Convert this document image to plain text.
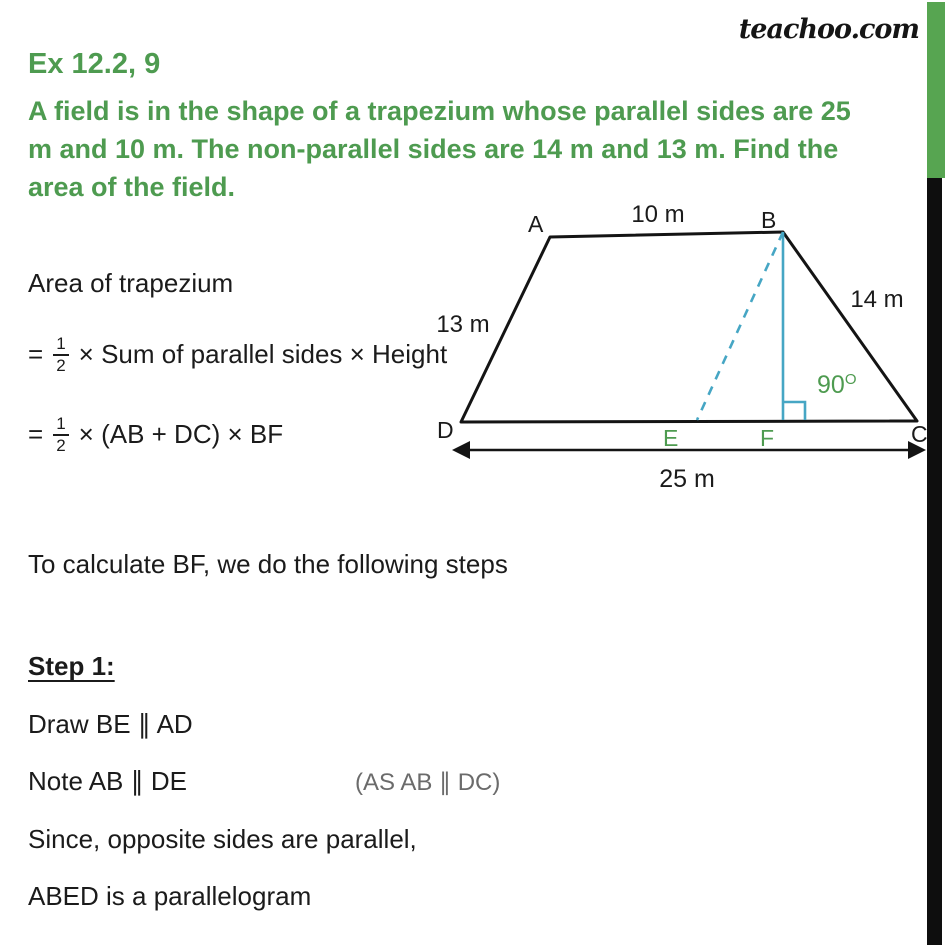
teachoo.com
Ex 12.2, 9
A field is in the shape of a trapezium whose parallel sides are 25
m and 10 m. The non-parallel sides are 14 m and 13 m. Find the
area of the field.
Area of trapezium
= $\frac{1}{2}$ × Sum of parallel sides × Height
= $\frac{1}{2} \times (AB + DC)$ × BF
To calculate BF, we do the following steps
Step 1:
Draw BE ∥ AD
Note AB ∥ DE	(AS AB ∥ DC)
Since, opposite sides are parallel,
ABED is a parallelogram
A	B
C
D	E	F
10 m
14 m
13 m
25 m
$90^O$
